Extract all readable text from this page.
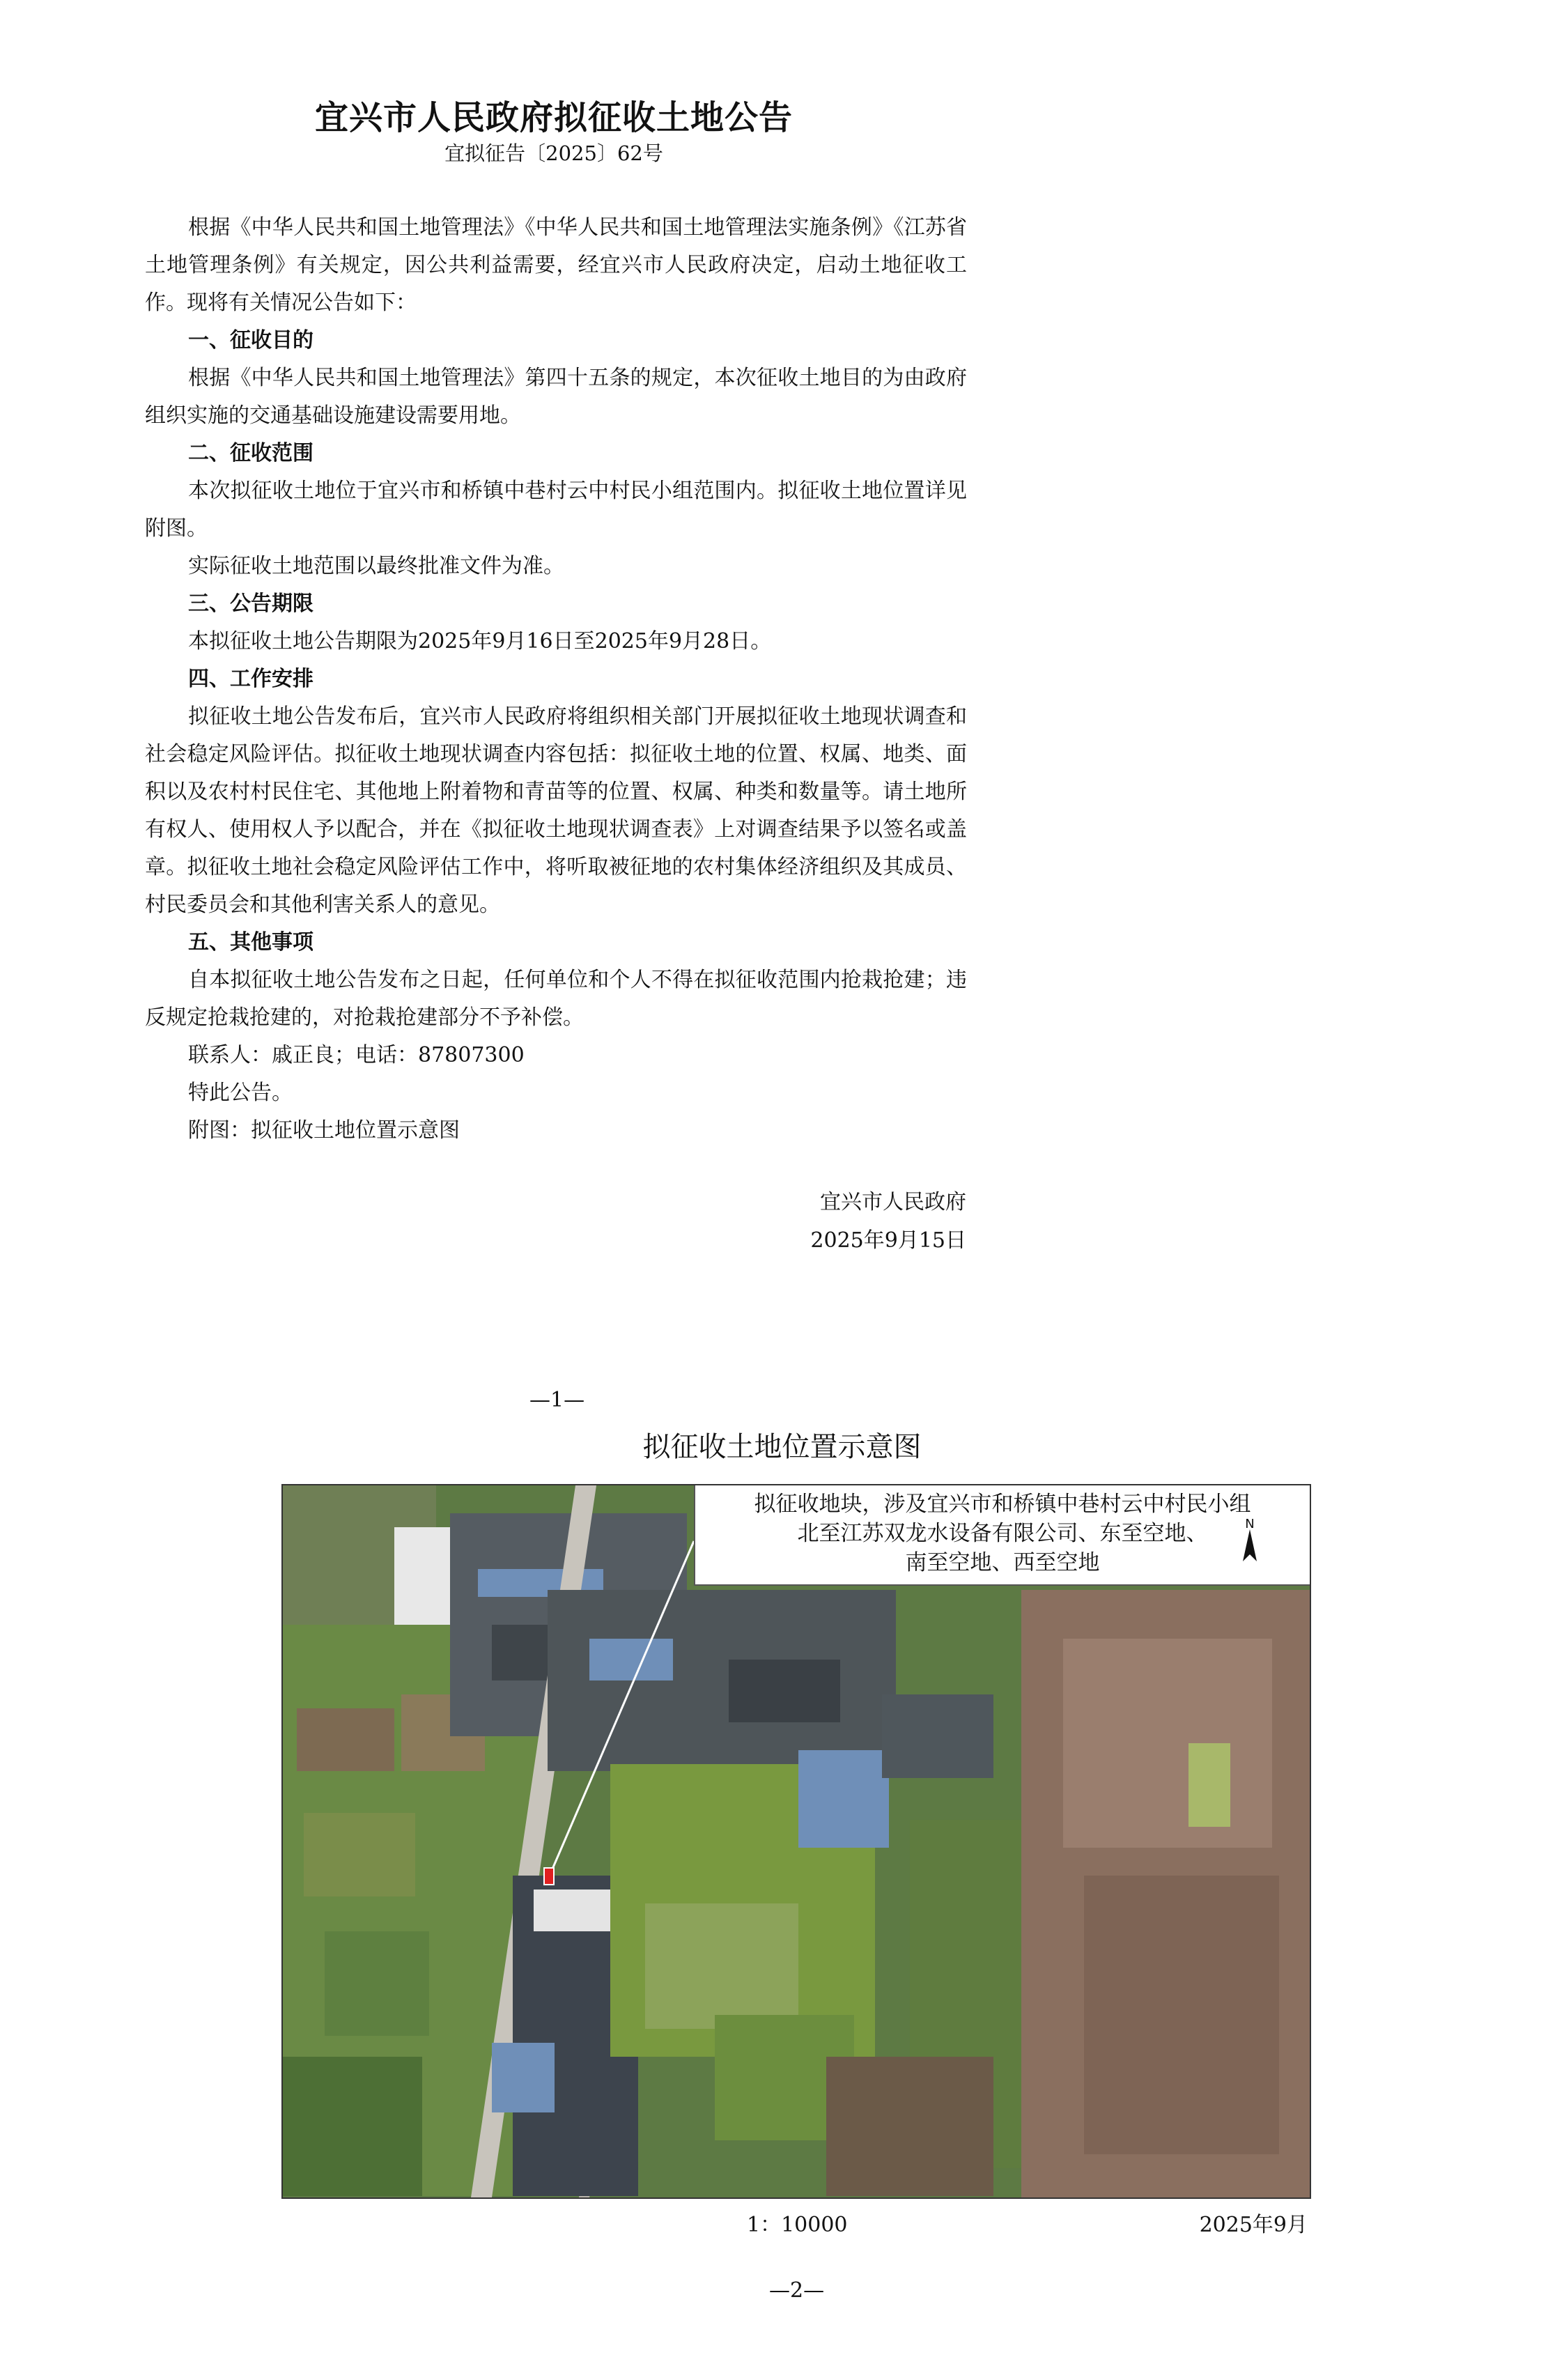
宜兴市人民政府拟征收土地公告
宜拟征告〔2025〕62号

根据《中华人民共和国土地管理法》《中华人民共和国土地管理法实施条例》《江苏省土地管理条例》有关规定，因公共利益需要，经宜兴市人民政府决定，启动土地征收工作。现将有关情况公告如下：

一、征收目的

根据《中华人民共和国土地管理法》第四十五条的规定，本次征收土地目的为由政府组织实施的交通基础设施建设需要用地。

二、征收范围

本次拟征收土地位于宜兴市和桥镇中巷村云中村民小组范围内。拟征收土地位置详见附图。

实际征收土地范围以最终批准文件为准。

三、公告期限

本拟征收土地公告期限为2025年9月16日至2025年9月28日。

四、工作安排

拟征收土地公告发布后，宜兴市人民政府将组织相关部门开展拟征收土地现状调查和社会稳定风险评估。拟征收土地现状调查内容包括：拟征收土地的位置、权属、地类、面积以及农村村民住宅、其他地上附着物和青苗等的位置、权属、种类和数量等。请土地所有权人、使用权人予以配合，并在《拟征收土地现状调查表》上对调查结果予以签名或盖章。拟征收土地社会稳定风险评估工作中，将听取被征地的农村集体经济组织及其成员、村民委员会和其他利害关系人的意见。

五、其他事项

自本拟征收土地公告发布之日起，任何单位和个人不得在拟征收范围内抢栽抢建；违反规定抢栽抢建的，对抢栽抢建部分不予补偿。

联系人：戚正良；电话：87807300

特此公告。

附图：拟征收土地位置示意图

宜兴市人民政府
2025年9月15日
—1—
拟征收土地位置示意图
拟征收地块，涉及宜兴市和桥镇中巷村云中村民小组
北至江苏双龙水设备有限公司、东至空地、
南至空地、西至空地
N
1：10000	2025年9月
—2—
